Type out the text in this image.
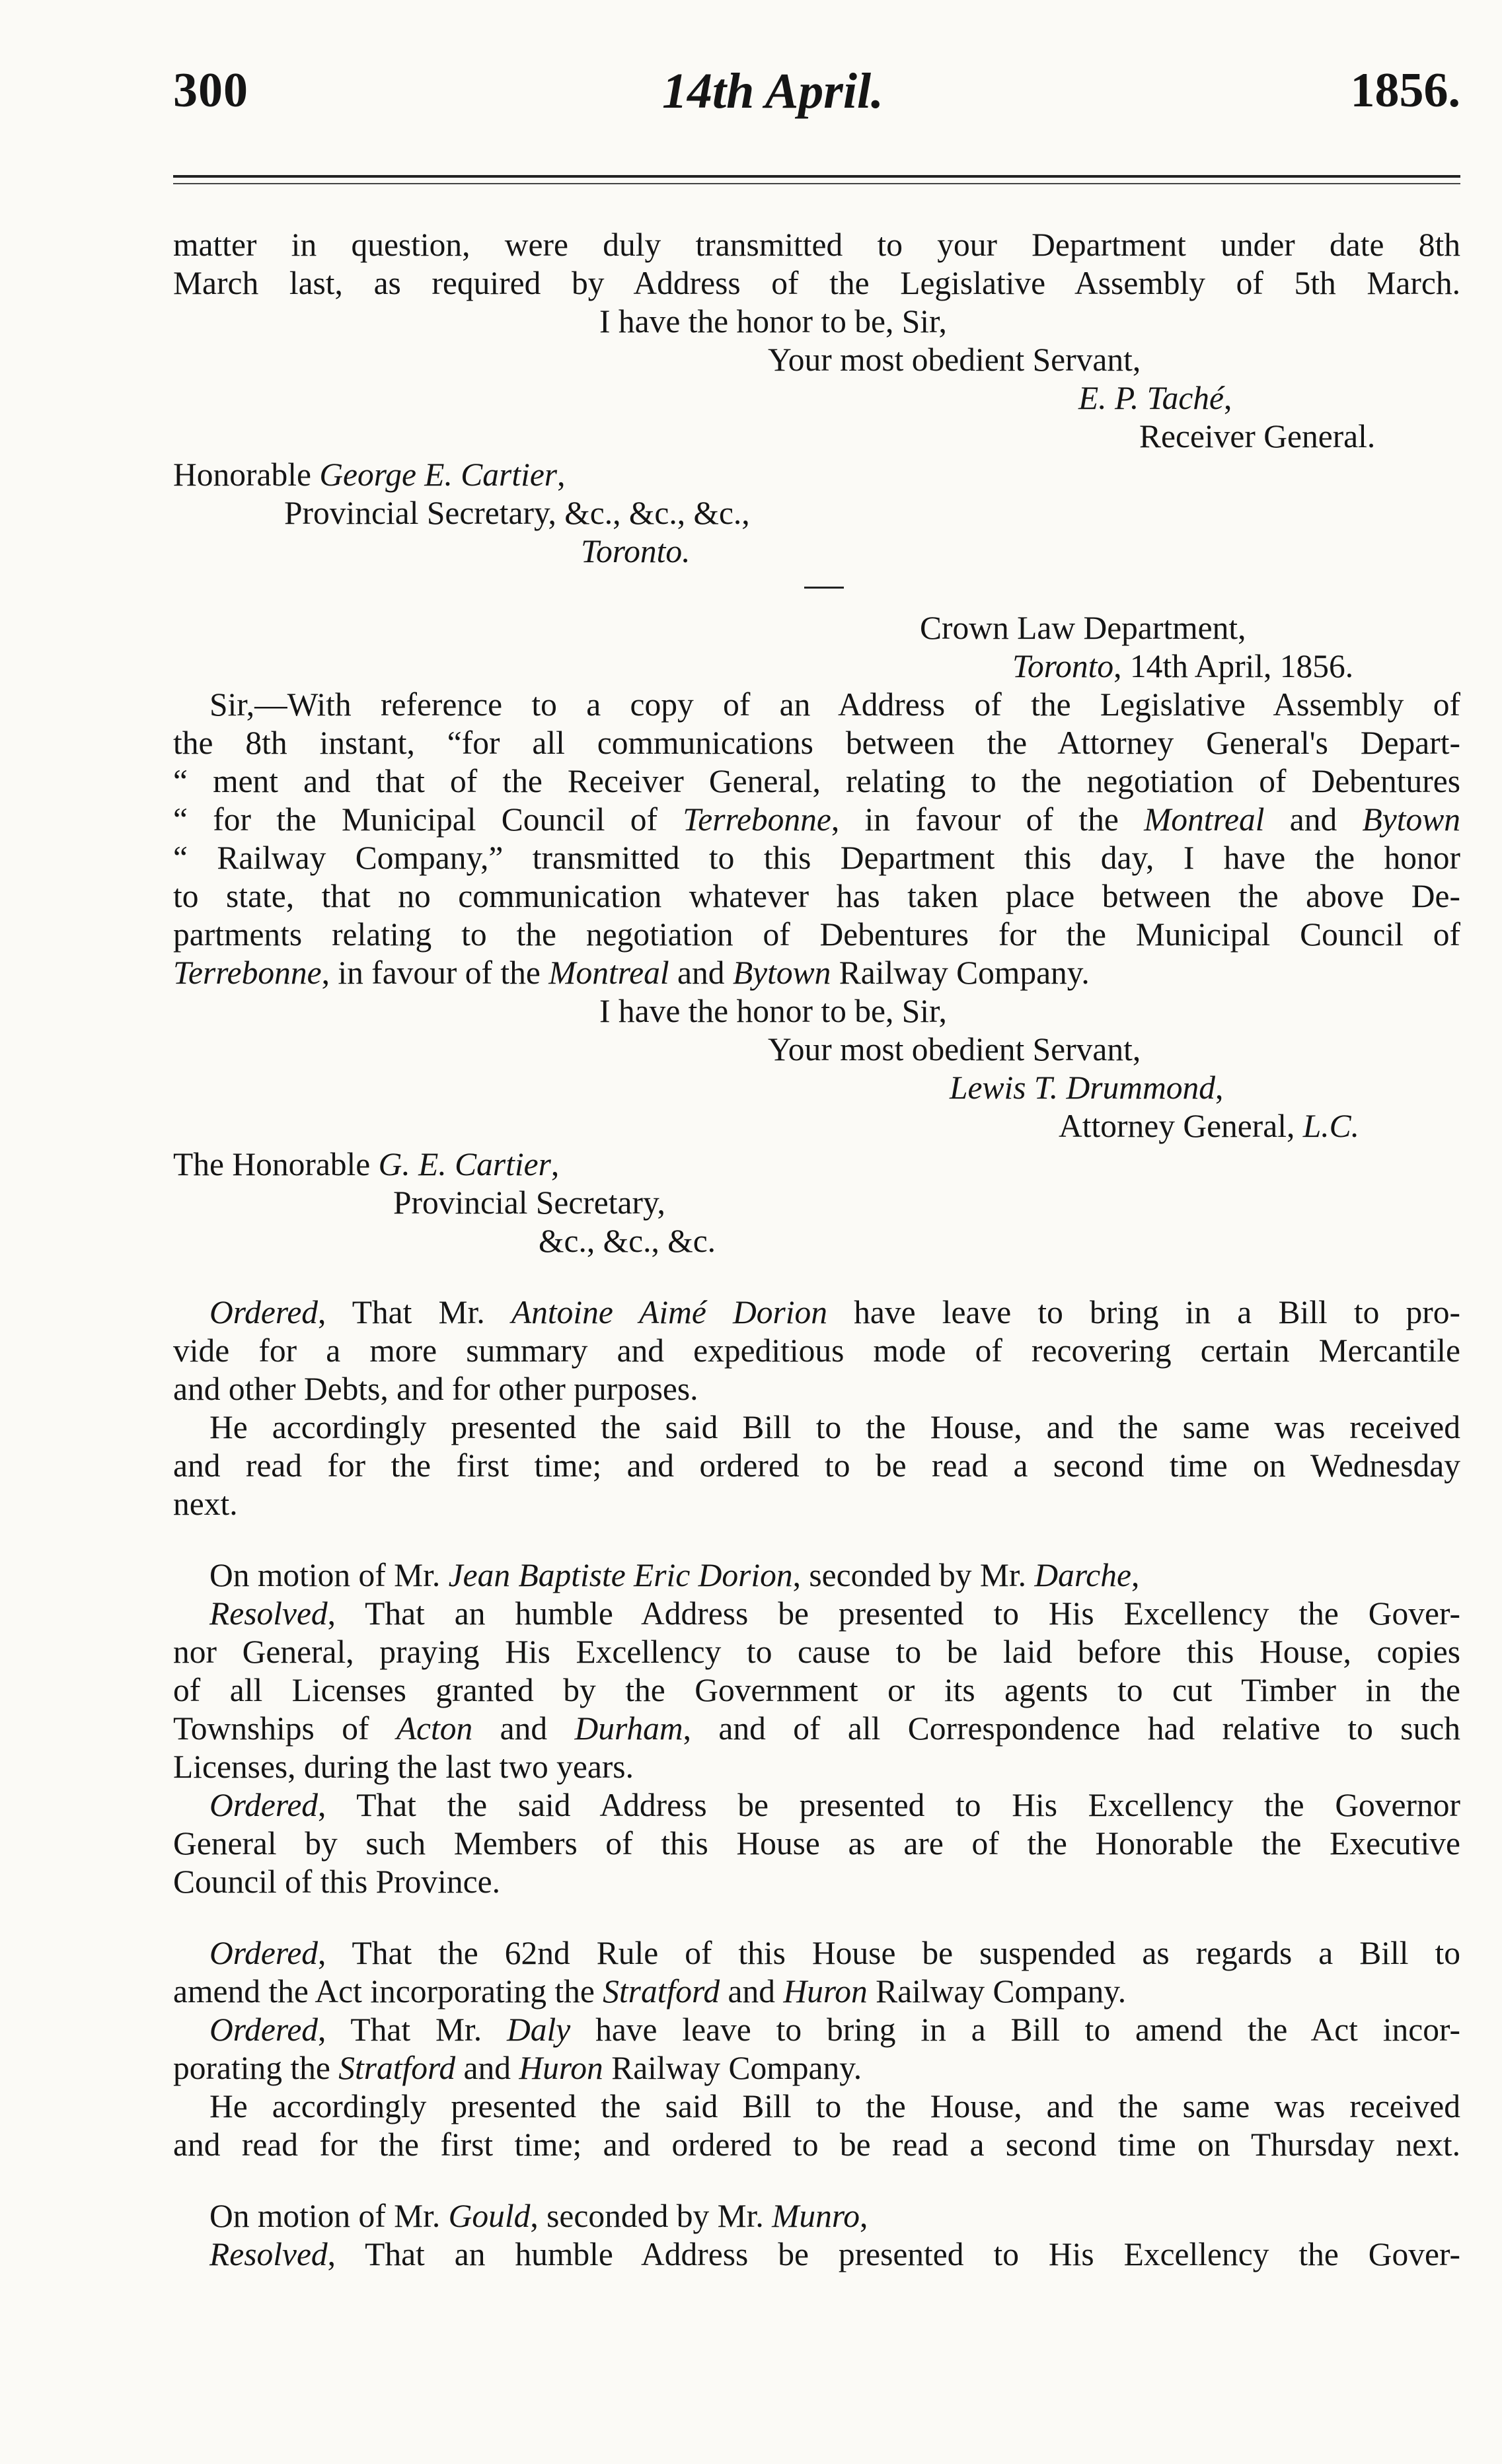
300	14th April.	1856.
matter in question, were duly transmitted to your Department under date 8th
March last, as required by Address of the Legislative Assembly of 5th March.
I have the honor to be, Sir,
Your most obedient Servant,
E. P. Taché,
Receiver General.
Honorable George E. Cartier,
Provincial Secretary, &c., &c., &c.,
Toronto.
Crown Law Department,
Toronto, 14th April, 1856.
Sir,—With reference to a copy of an Address of the Legislative Assembly of
the 8th instant, “for all communications between the Attorney General's Depart-
“ ment and that of the Receiver General, relating to the negotiation of Debentures
“ for the Municipal Council of Terrebonne, in favour of the Montreal and Bytown
“ Railway Company,” transmitted to this Department this day, I have the honor
to state, that no communication whatever has taken place between the above De-
partments relating to the negotiation of Debentures for the Municipal Council of
Terrebonne, in favour of the Montreal and Bytown Railway Company.
I have the honor to be, Sir,
Your most obedient Servant,
Lewis T. Drummond,
Attorney General, L.C.
The Honorable G. E. Cartier,
Provincial Secretary,
&c., &c., &c.
Ordered, That Mr. Antoine Aimé Dorion have leave to bring in a Bill to pro-
vide for a more summary and expeditious mode of recovering certain Mercantile
and other Debts, and for other purposes.
He accordingly presented the said Bill to the House, and the same was received
and read for the first time; and ordered to be read a second time on Wednesday
next.
On motion of Mr. Jean Baptiste Eric Dorion, seconded by Mr. Darche,
Resolved, That an humble Address be presented to His Excellency the Gover-
nor General, praying His Excellency to cause to be laid before this House, copies
of all Licenses granted by the Government or its agents to cut Timber in the
Townships of Acton and Durham, and of all Correspondence had relative to such
Licenses, during the last two years.
Ordered, That the said Address be presented to His Excellency the Governor
General by such Members of this House as are of the Honorable the Executive
Council of this Province.
Ordered, That the 62nd Rule of this House be suspended as regards a Bill to
amend the Act incorporating the Stratford and Huron Railway Company.
Ordered, That Mr. Daly have leave to bring in a Bill to amend the Act incor-
porating the Stratford and Huron Railway Company.
He accordingly presented the said Bill to the House, and the same was received
and read for the first time; and ordered to be read a second time on Thursday next.
On motion of Mr. Gould, seconded by Mr. Munro,
Resolved, That an humble Address be presented to His Excellency the Gover-
